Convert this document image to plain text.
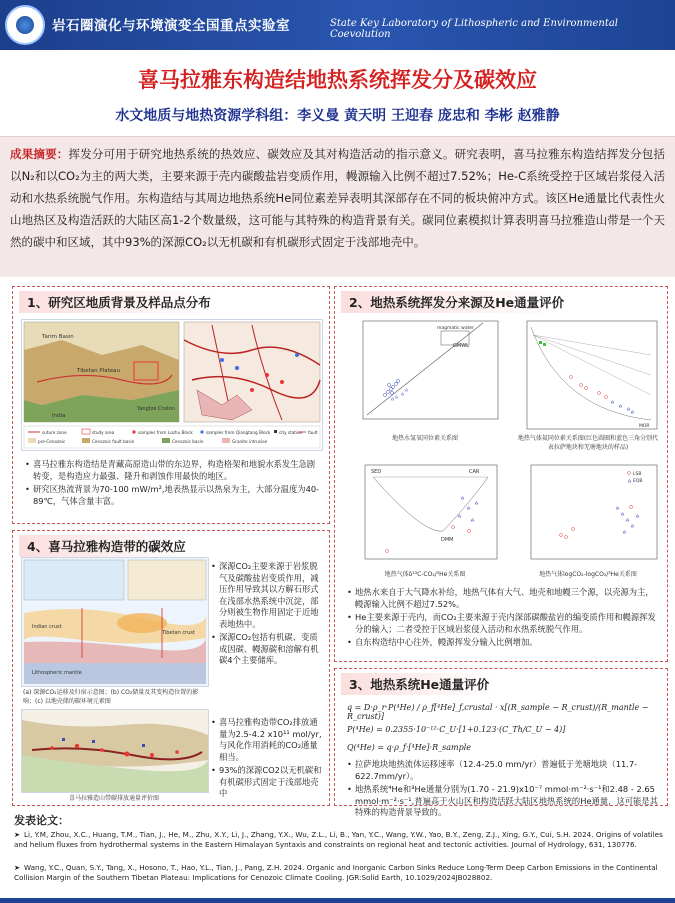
岩石圈演化与环境演变全国重点实验室	State Key Laboratory of Lithospheric and Environmental Coevolution
喜马拉雅东构造结地热系统挥发分及碳效应
水文地质与地热资源学科组：李义曼 黄天明 王迎春 庞忠和 李彬 赵雅静

成果摘要：挥发分可用于研究地热系统的热效应、碳效应及其对构造活动的指示意义。研究表明，喜马拉雅东构造结挥发分包括以N₂和以CO₂为主的两大类，主要来源于壳内碳酸盐岩变质作用，幔源输入比例不超过7.52%；He-C系统受控于区域岩浆侵入活动和水热系统脱气作用。东构造结与其周边地热系统He同位素差异表明其深部存在不同的板块俯冲方式。该区He通量比代表性火山地热区及构造活跃的大陆区高1-2个数量级，这可能与其特殊的构造背景有关。碳同位素模拟计算表明喜马拉雅造山带是一个天然的碳中和区域，其中93%的深源CO₂以无机碳和有机碳形式固定于浅部地壳中。

1、研究区地质背景及样品点分布
Tarim Basin
Tibetan Plateau
Yangtze Craton
India
suture zone	study area	samples from Lozhu Block	samples from Qiangtang Block city station fault
pre-Cenozoic	Cenozoic fault basin	Cenozoic basin	Granite intrusion
• 喜马拉雅东构造结是青藏高原造山带的东边界，构造格架和地貌水系发生急剧转变，是构造应力最强、隆升和剥蚀作用最快的地区。
• 研究区热流背景为70-100 mW/m²,地表热显示以热泉为主，大部分温度为40-89℃，气体含量丰富。
2、地热系统挥发分来源及He通量评价
GMWL
magmatic water
地热水氢氧同位素关系图
MOR
地热气体氦同位素关系图(红色圆圈和蓝色三角分别代表拉萨地块和羌塘地块的样品)
SED	CAR
DMM
地热气体δ¹³C-CO₂/³He关系图
LSB
EQB
地热气体logCO₂-logCO₂/³He关系图
• 地热水来自于大气降水补给，地热气体有大气、地壳和地幔三个源，以壳源为主，幔源输入比例不超过7.52%。
• He主要来源于壳内，而CO₂主要来源于壳内深部碳酸盐岩的编变质作用和幔源挥发分的输入；二者受控于区域岩浆侵入活动和水热系统脱气作用。
• 自东构造结中心往外，幔源挥发分输入比例增加。
3、地热系统He通量评价
q = D·ρ_r·P(⁴He) / ρ_f[⁴He]_f,crustal · x[(R_sample − R_crust)/(R_mantle − R_crust)]
P(⁴He) = 0.2355·10⁻¹²·C_U·[1+0.123·(C_Th/C_U − 4)]
Q(⁴He) = q·ρ_f·[⁴He]·R_sample
• 拉萨地块地热流体运移速率（12.4-25.0 mm/yr）普遍低于羌塘地块（11.7-622.7mm/yr）。
• 地热系统⁴He和³He通量分别为(1.70 - 21.9)x10⁻⁷ mmol·m⁻²·s⁻¹和2.48 - 2.65 mmol·m⁻²·s⁻¹,普遍高于火山区和构造活跃大陆区地热系统的He通量，这可能是其特殊的构造背景导致的。
4、喜马拉雅构造带的碳效应
Indian crust
Lithospheric mantle
Tibetan crust
(a) 深源CO₂运移及归宿示意图；(b) CO₂储量及其变构造位置的影响；(c) 以地壳储的碳环境元素图
• 深源CO₂主要来源于岩浆脱气及碳酸盐岩变质作用，减压作用导致其以方解石形式在浅部水热系统中沉淀，部分则被生物作用固定于近地表地热中。
• 深源CO₂包括有机碳、变质成因碳、幔源碳和溶解有机碳4个主要储库。
喜马拉雅造山带碳排放通量评价图
• 喜马拉雅构造带CO₂排放通量为2.5-4.2 x10¹¹ mol/yr, 与风化作用消耗的CO₂通量相当。
• 93%的深源CO2以无机碳和有机碳形式固定于浅部地壳中
发表论文：
➤ Li, Y.M, Zhou, X.C., Huang, T.M., Tian, J., He, M., Zhu, X.Y., Li, J., Zhang, Y.X., Wu, Z.L., Li, B., Yan, Y.C., Wang, Y.W., Yao, B.Y., Zeng, Z.J., Xing, G.Y., Cui, S.H. 2024. Origins of volatiles and helium fluxes from hydrothermal systems in the Eastern Himalayan Syntaxis and constraints on regional heat and tectonic activities. Journal of Hydrology, 631, 130776.
➤ Wang, Y.C., Quan, S.Y., Tang, X., Hosono, T., Hao, Y.L., Tian, J., Pang, Z.H. 2024. Organic and Inorganic Carbon Sinks Reduce Long-Term Deep Carbon Emissions in the Continental Collision Margin of the Southern Tibetan Plateau: Implications for Cenozoic Climate Cooling. JGR:Solid Earth, 10.1029/2024JB028802.
